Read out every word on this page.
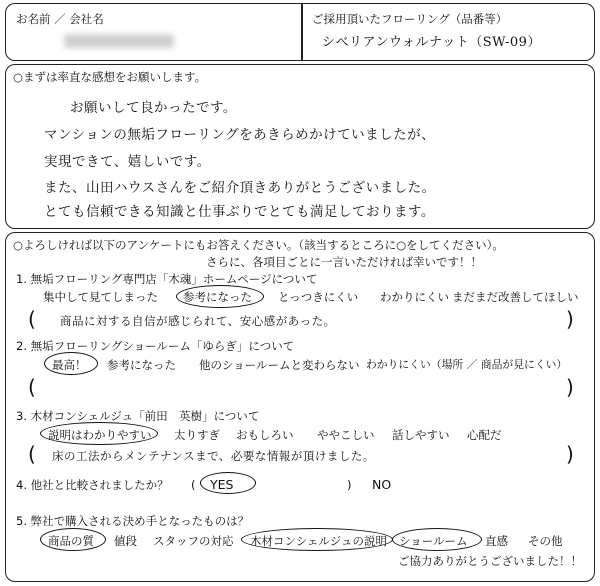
お名前 ／ 会社名	ご採用頂いたフローリング（品番等）
シベリアンウォルナット（SW-09）
○まずは率直な感想をお願いします。
お願いして良かったです。
マンションの無垢フローリングをあきらめかけていましたが、
実現できて、嬉しいです。
また、山田ハウスさんをご紹介頂きありがとうございました。
とても信頼できる知識と仕事ぶりでとても満足しております。
○よろしければ以下のアンケートにもお答えください。（該当するところに○をしてください）。
さらに、各項目ごとに一言いただければ幸いです！！
1. 無垢フローリング専門店「木魂」ホームページについて
集中して見てしまった 参考になった とっつきにくい わかりにくい まだまだ改善してほしい
( 商品に対する自信が感じられて、安心感があった。	)
2. 無垢フローリングショールーム「ゆらぎ」について
最高！ 参考になった 他のショールームと変わらない わかりにくい（場所 ／ 商品が見にくい）
(	)
3. 木材コンシェルジュ「前田　英樹」について
説明はわかりやすい 太りすぎ おもしろい ややこしい 話しやすい 心配だ
( 床の工法からメンテナンスまで、必要な情報が頂けました。	)
4. 他社と比較されましたか？ ( YES	) NO
5. 弊社で購入される決め手となったものは？
商品の質 値段 スタッフの対応 木材コンシェルジュの説明 ショールーム 直感 その他
ご協力ありがとうございました！！
